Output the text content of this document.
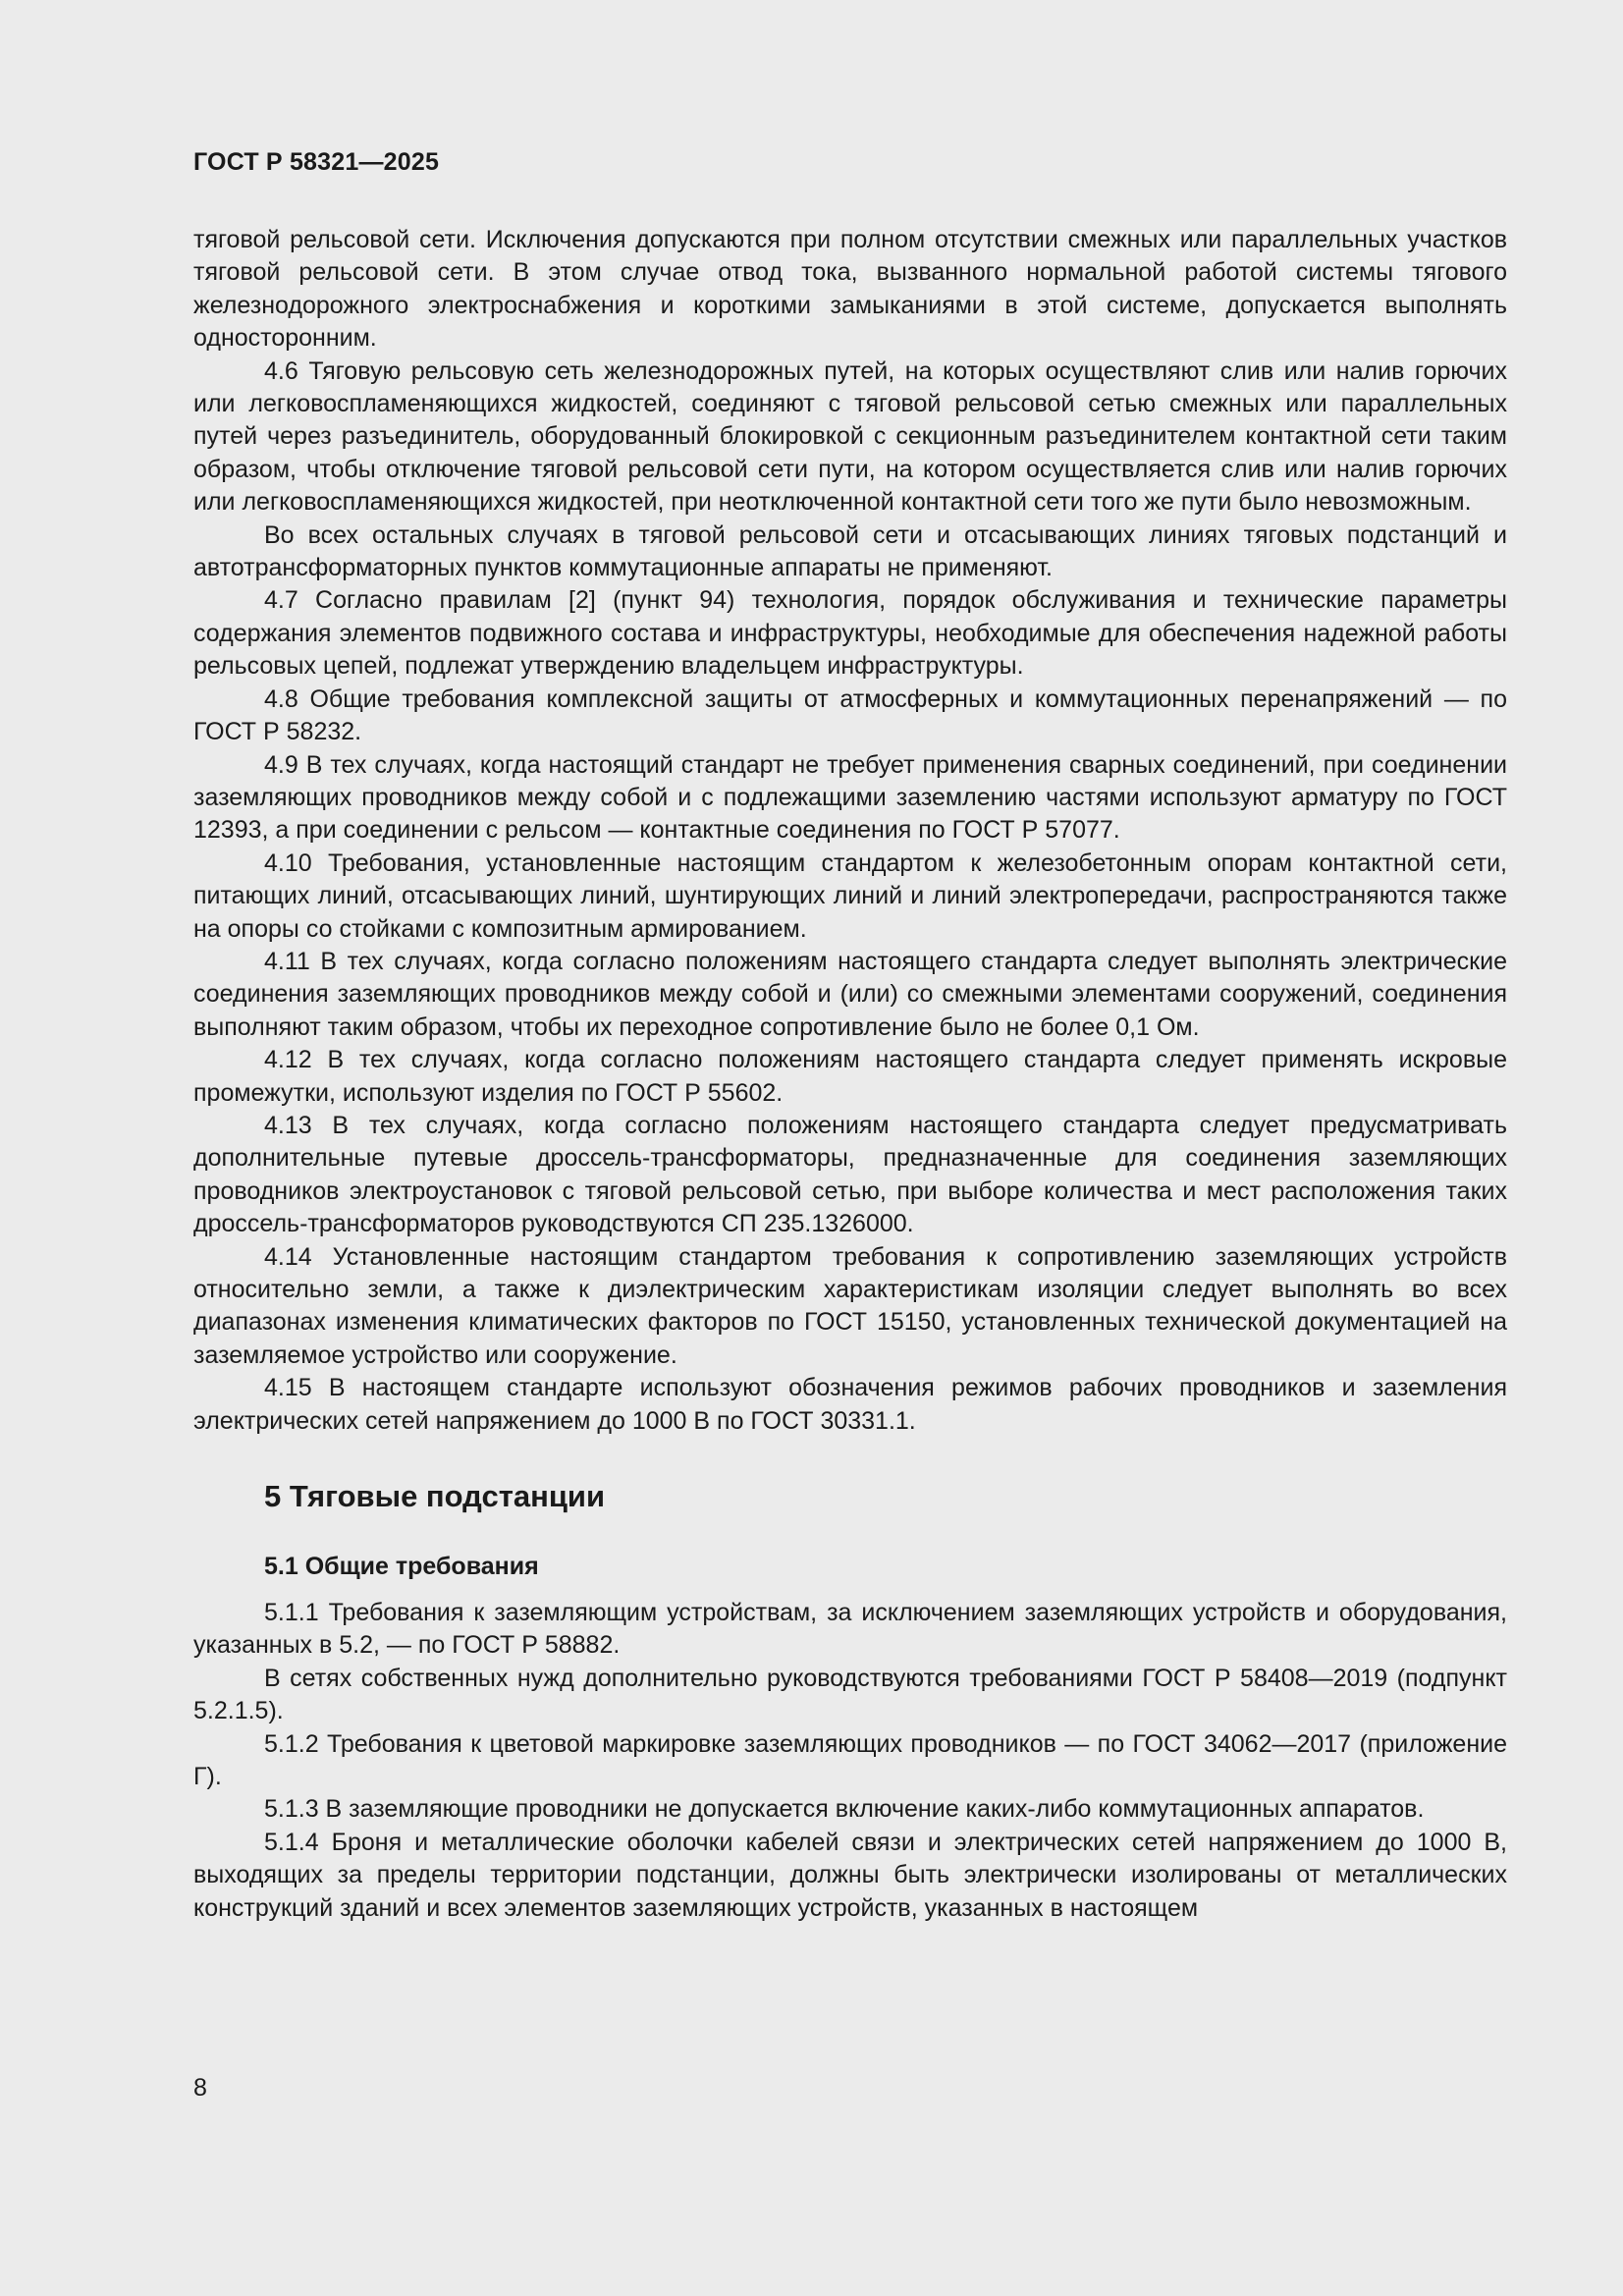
ГОСТ Р 58321—2025

тяговой рельсовой сети. Исключения допускаются при полном отсутствии смежных или параллельных участков тяговой рельсовой сети. В этом случае отвод тока, вызванного нормальной работой системы тягового железнодорожного электроснабжения и короткими замыканиями в этой системе, допускается выполнять односторонним.

4.6 Тяговую рельсовую сеть железнодорожных путей, на которых осуществляют слив или налив горючих или легковоспламеняющихся жидкостей, соединяют с тяговой рельсовой сетью смежных или параллельных путей через разъединитель, оборудованный блокировкой с секционным разъединителем контактной сети таким образом, чтобы отключение тяговой рельсовой сети пути, на котором осуществляется слив или налив горючих или легковоспламеняющихся жидкостей, при неотключенной контактной сети того же пути было невозможным.

Во всех остальных случаях в тяговой рельсовой сети и отсасывающих линиях тяговых подстанций и автотрансформаторных пунктов коммутационные аппараты не применяют.

4.7 Согласно правилам [2] (пункт 94) технология, порядок обслуживания и технические параметры содержания элементов подвижного состава и инфраструктуры, необходимые для обеспечения надежной работы рельсовых цепей, подлежат утверждению владельцем инфраструктуры.

4.8 Общие требования комплексной защиты от атмосферных и коммутационных перенапряжений — по ГОСТ Р 58232.

4.9 В тех случаях, когда настоящий стандарт не требует применения сварных соединений, при соединении заземляющих проводников между собой и с подлежащими заземлению частями используют арматуру по ГОСТ 12393, а при соединении с рельсом — контактные соединения по ГОСТ Р 57077.

4.10 Требования, установленные настоящим стандартом к железобетонным опорам контактной сети, питающих линий, отсасывающих линий, шунтирующих линий и линий электропередачи, распространяются также на опоры со стойками с композитным армированием.

4.11 В тех случаях, когда согласно положениям настоящего стандарта следует выполнять электрические соединения заземляющих проводников между собой и (или) со смежными элементами сооружений, соединения выполняют таким образом, чтобы их переходное сопротивление было не более 0,1 Ом.

4.12 В тех случаях, когда согласно положениям настоящего стандарта следует применять искровые промежутки, используют изделия по ГОСТ Р 55602.

4.13 В тех случаях, когда согласно положениям настоящего стандарта следует предусматривать дополнительные путевые дроссель-трансформаторы, предназначенные для соединения заземляющих проводников электроустановок с тяговой рельсовой сетью, при выборе количества и мест расположения таких дроссель-трансформаторов руководствуются СП 235.1326000.

4.14 Установленные настоящим стандартом требования к сопротивлению заземляющих устройств относительно земли, а также к диэлектрическим характеристикам изоляции следует выполнять во всех диапазонах изменения климатических факторов по ГОСТ 15150, установленных технической документацией на заземляемое устройство или сооружение.

4.15 В настоящем стандарте используют обозначения режимов рабочих проводников и заземления электрических сетей напряжением до 1000 В по ГОСТ 30331.1.

5 Тяговые подстанции
5.1 Общие требования

5.1.1 Требования к заземляющим устройствам, за исключением заземляющих устройств и оборудования, указанных в 5.2, — по ГОСТ Р 58882.

В сетях собственных нужд дополнительно руководствуются требованиями ГОСТ Р 58408—2019 (подпункт 5.2.1.5).

5.1.2 Требования к цветовой маркировке заземляющих проводников — по ГОСТ 34062—2017 (приложение Г).

5.1.3 В заземляющие проводники не допускается включение каких-либо коммутационных аппаратов.

5.1.4 Броня и металлические оболочки кабелей связи и электрических сетей напряжением до 1000 В, выходящих за пределы территории подстанции, должны быть электрически изолированы от металлических конструкций зданий и всех элементов заземляющих устройств, указанных в настоящем

8
